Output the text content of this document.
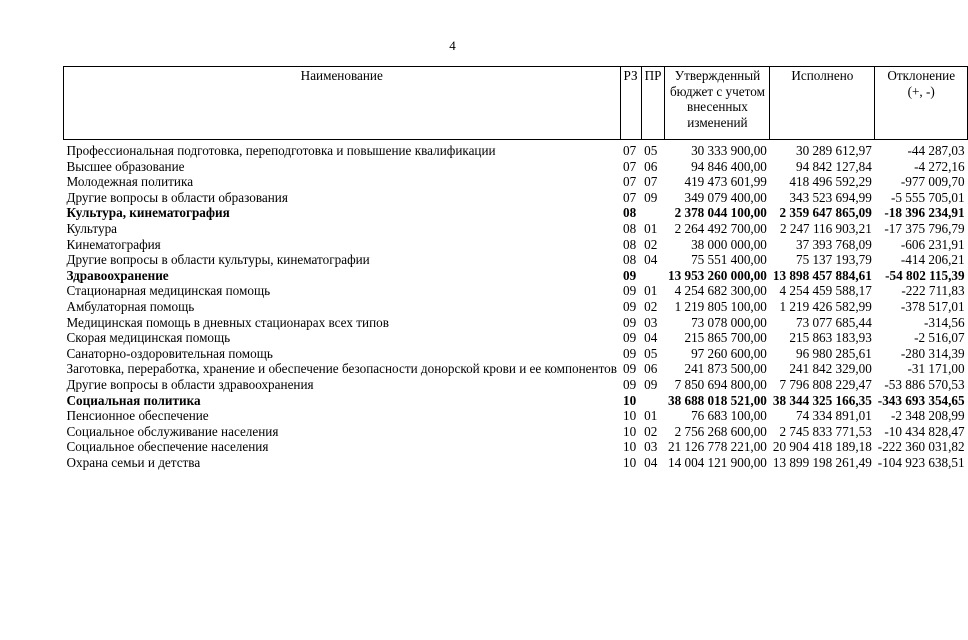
4
Наименование	РЗ	ПР	Утвержденный бюджет с учетом внесенных изменений	Исполнено	Отклонение (+, -)
Профессиональная подготовка, переподготовка и повышение квалификации	07	05	30 333 900,00	30 289 612,97	-44 287,03
Высшее образование	07	06	94 846 400,00	94 842 127,84	-4 272,16
Молодежная политика	07	07	419 473 601,99	418 496 592,29	-977 009,70
Другие вопросы в области образования	07	09	349 079 400,00	343 523 694,99	-5 555 705,01
Культура, кинематография	08		2 378 044 100,00	2 359 647 865,09	-18 396 234,91
Культура	08	01	2 264 492 700,00	2 247 116 903,21	-17 375 796,79
Кинематография	08	02	38 000 000,00	37 393 768,09	-606 231,91
Другие вопросы в области культуры, кинематографии	08	04	75 551 400,00	75 137 193,79	-414 206,21
Здравоохранение	09		13 953 260 000,00	13 898 457 884,61	-54 802 115,39
Стационарная медицинская помощь	09	01	4 254 682 300,00	4 254 459 588,17	-222 711,83
Амбулаторная помощь	09	02	1 219 805 100,00	1 219 426 582,99	-378 517,01
Медицинская помощь в дневных стационарах всех типов	09	03	73 078 000,00	73 077 685,44	-314,56
Скорая медицинская помощь	09	04	215 865 700,00	215 863 183,93	-2 516,07
Санаторно-оздоровительная помощь	09	05	97 260 600,00	96 980 285,61	-280 314,39
Заготовка, переработка, хранение и обеспечение безопасности донорской крови и ее компонентов	09	06	241 873 500,00	241 842 329,00	-31 171,00
Другие вопросы в области здравоохранения	09	09	7 850 694 800,00	7 796 808 229,47	-53 886 570,53
Социальная политика	10		38 688 018 521,00	38 344 325 166,35	-343 693 354,65
Пенсионное обеспечение	10	01	76 683 100,00	74 334 891,01	-2 348 208,99
Социальное обслуживание населения	10	02	2 756 268 600,00	2 745 833 771,53	-10 434 828,47
Социальное обеспечение населения	10	03	21 126 778 221,00	20 904 418 189,18	-222 360 031,82
Охрана семьи и детства	10	04	14 004 121 900,00	13 899 198 261,49	-104 923 638,51
